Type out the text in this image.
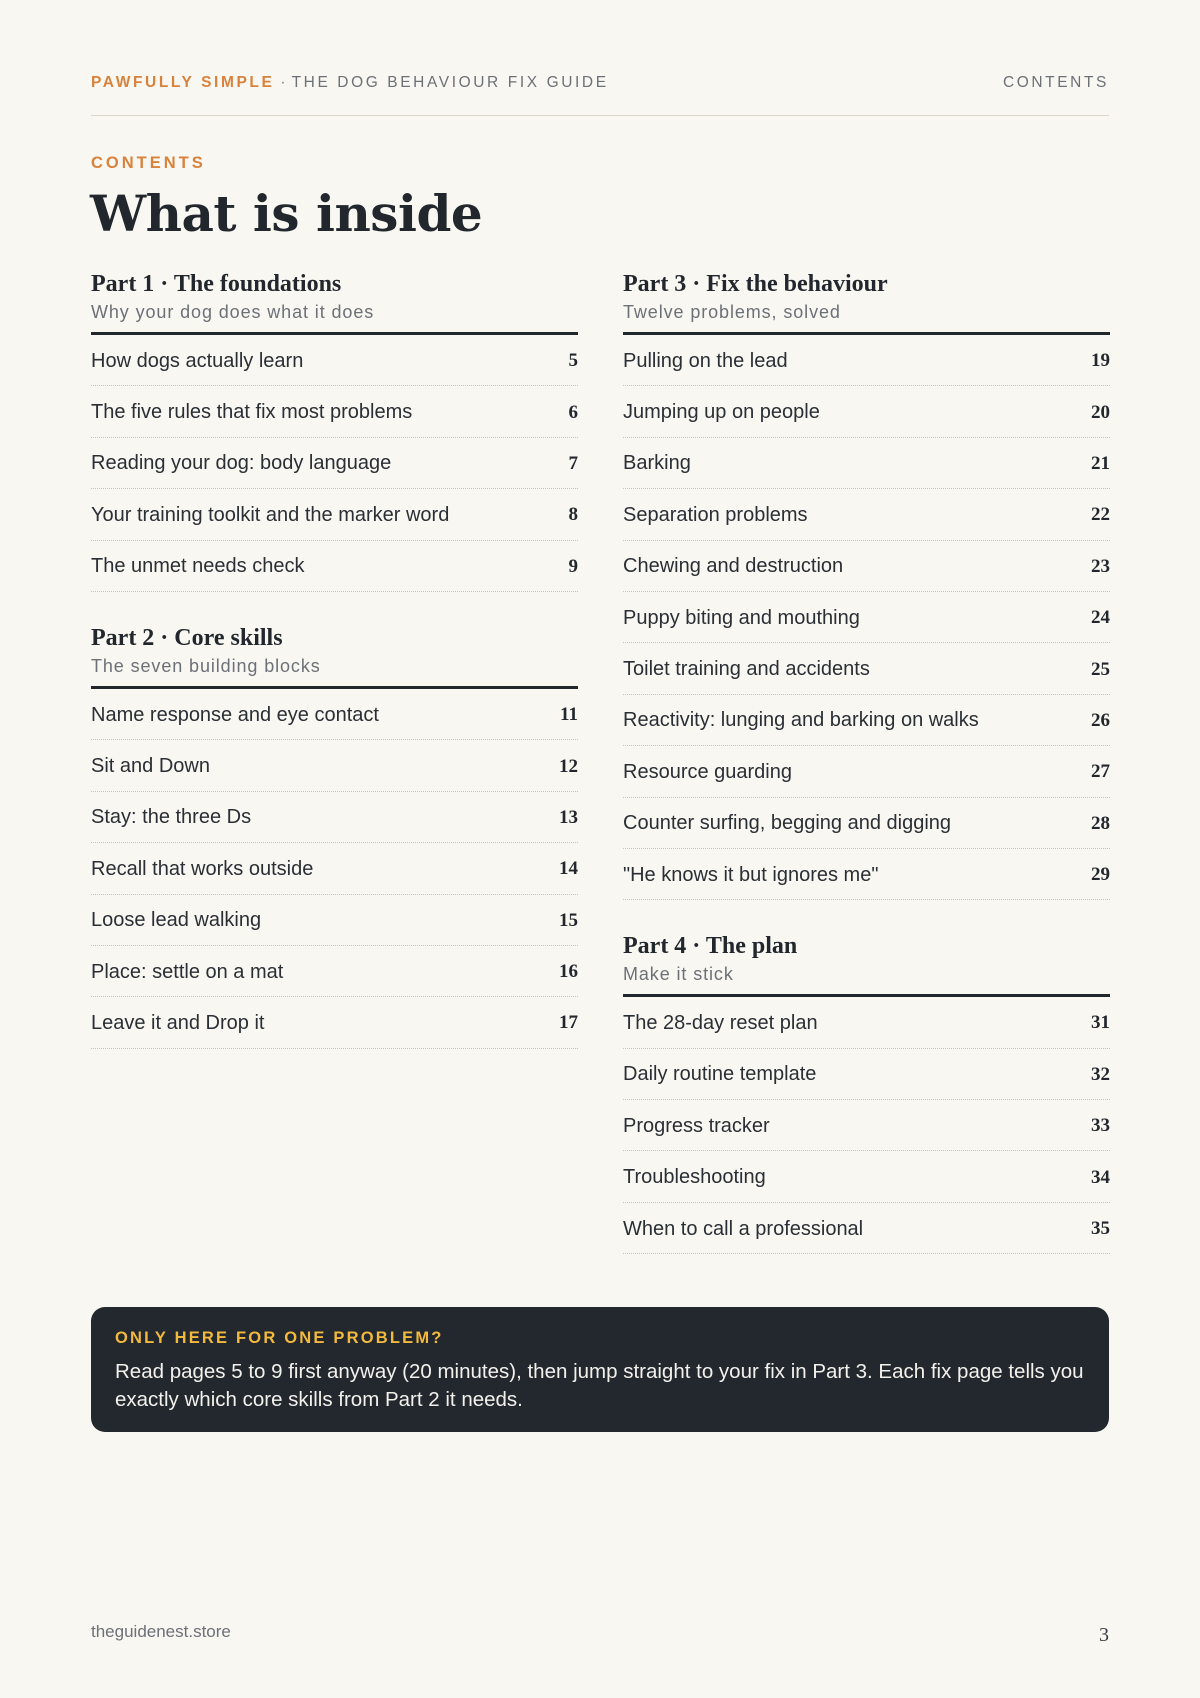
PAWFULLY SIMPLE · THE DOG BEHAVIOUR FIX GUIDE	CONTENTS
CONTENTS
What is inside
Part 1 · The foundations
Why your dog does what it does
How dogs actually learn	5
The five rules that fix most problems	6
Reading your dog: body language	7
Your training toolkit and the marker word	8
The unmet needs check	9
Part 2 · Core skills
The seven building blocks
Name response and eye contact	11
Sit and Down	12
Stay: the three Ds	13
Recall that works outside	14
Loose lead walking	15
Place: settle on a mat	16
Leave it and Drop it	17
Part 3 · Fix the behaviour
Twelve problems, solved
Pulling on the lead	19
Jumping up on people	20
Barking	21
Separation problems	22
Chewing and destruction	23
Puppy biting and mouthing	24
Toilet training and accidents	25
Reactivity: lunging and barking on walks	26
Resource guarding	27
Counter surfing, begging and digging	28
"He knows it but ignores me"	29
Part 4 · The plan
Make it stick
The 28-day reset plan	31
Daily routine template	32
Progress tracker	33
Troubleshooting	34
When to call a professional	35
ONLY HERE FOR ONE PROBLEM?

Read pages 5 to 9 first anyway (20 minutes), then jump straight to your fix in Part 3. Each fix page tells you exactly which core skills from Part 2 it needs.

theguidenest.store	3
